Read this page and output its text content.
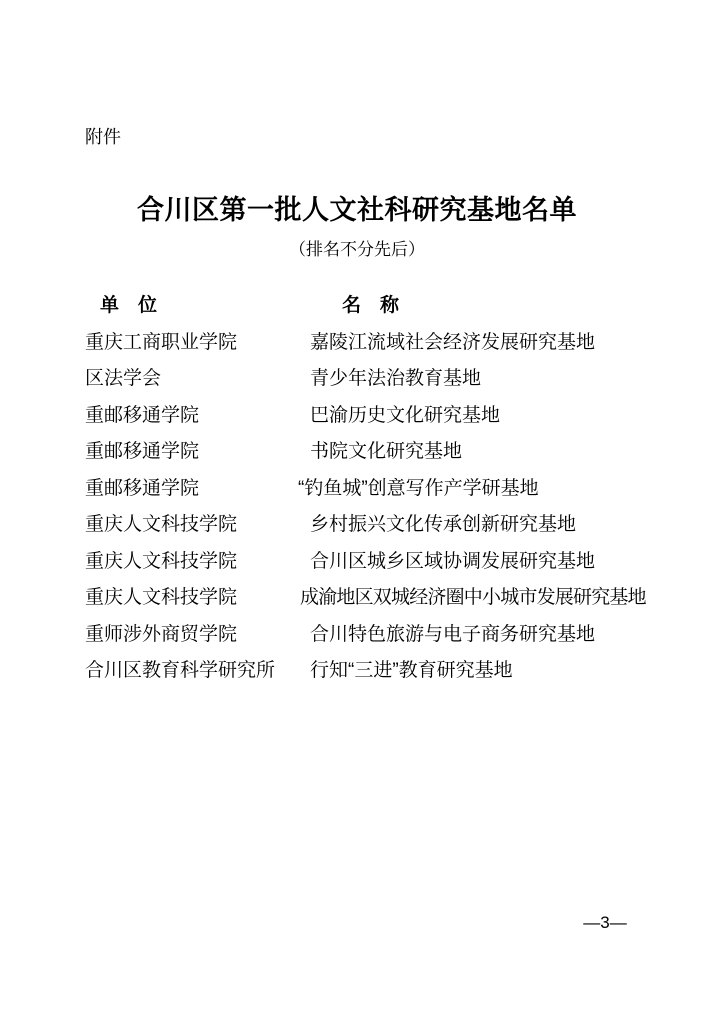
附件
合川区第一批人文社科研究基地名单
（排名不分先后）
单　位	名　称
重庆工商职业学院	嘉陵江流域社会经济发展研究基地
区法学会	青少年法治教育基地
重邮移通学院	巴渝历史文化研究基地
重邮移通学院	书院文化研究基地
重邮移通学院	“钓鱼城”创意写作产学研基地
重庆人文科技学院	乡村振兴文化传承创新研究基地
重庆人文科技学院	合川区城乡区域协调发展研究基地
重庆人文科技学院	成渝地区双城经济圈中小城市发展研究基地
重师涉外商贸学院	合川特色旅游与电子商务研究基地
合川区教育科学研究所	行知“三进”教育研究基地
—3—
